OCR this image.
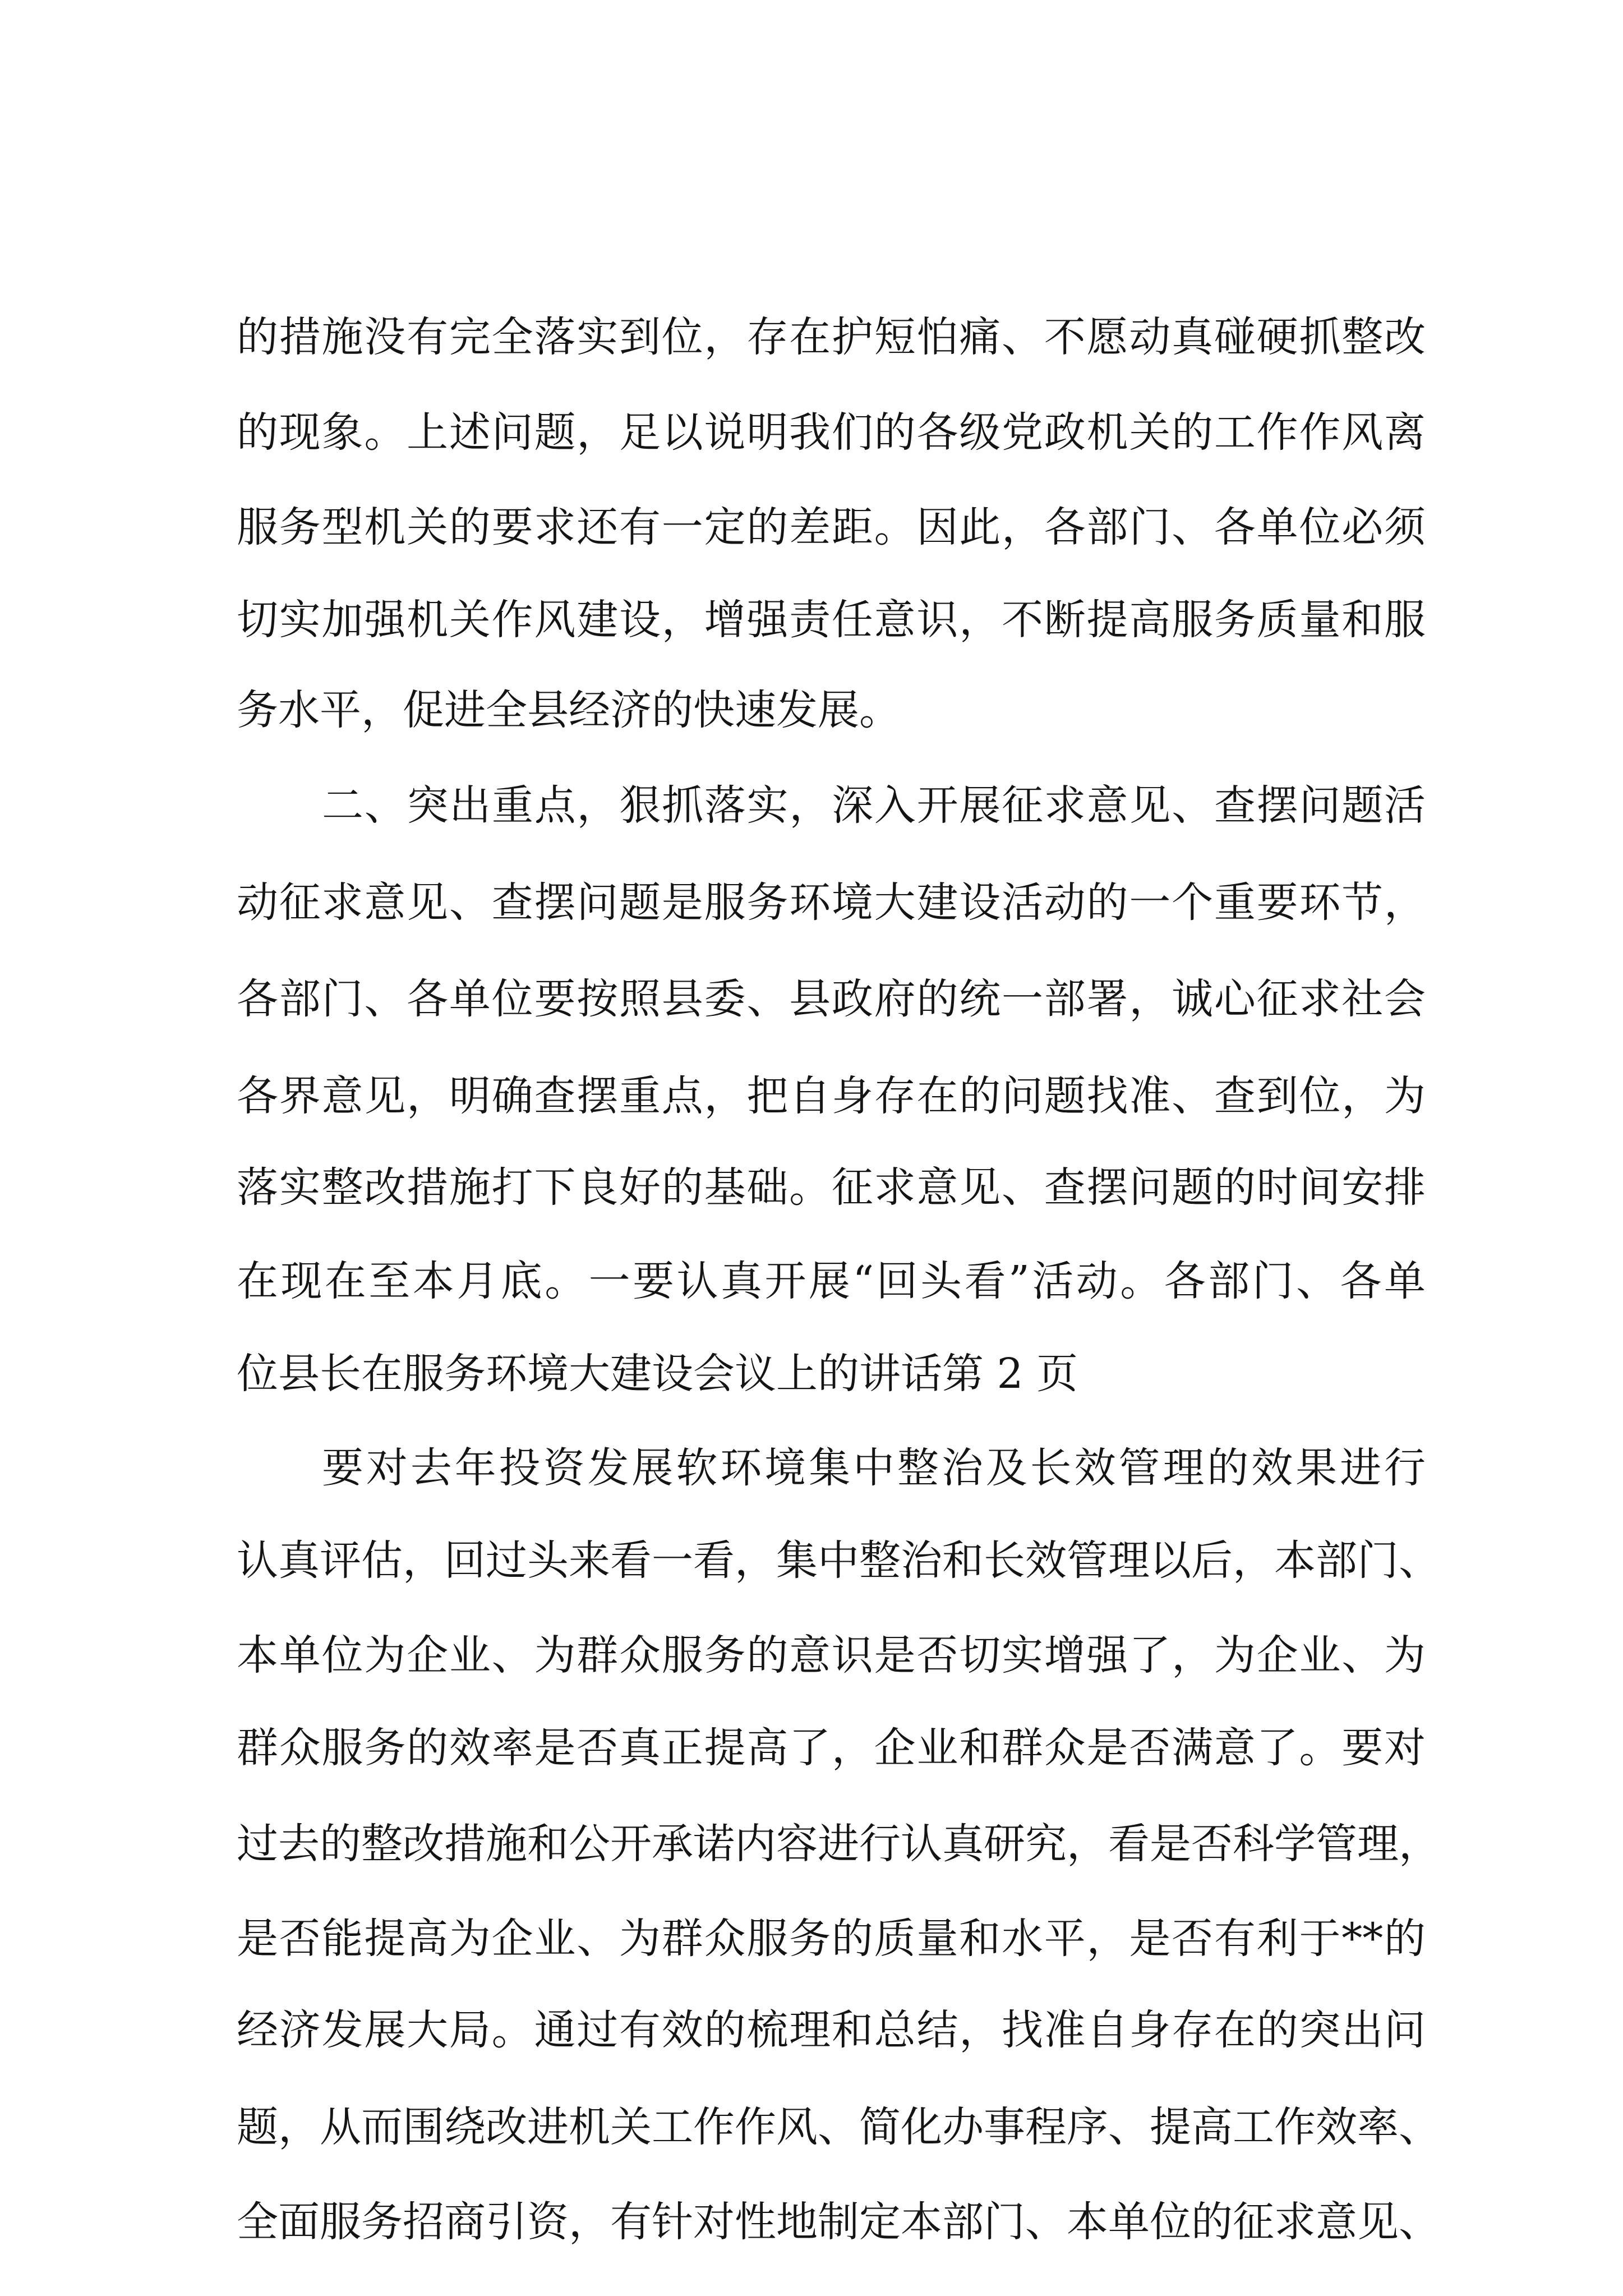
的措施没有完全落实到位，存在护短怕痛、不愿动真碰硬抓整改
的现象。上述问题，足以说明我们的各级党政机关的工作作风离
服务型机关的要求还有一定的差距。因此，各部门、各单位必须
切实加强机关作风建设，增强责任意识，不断提高服务质量和服
务水平，促进全县经济的快速发展。
二、突出重点，狠抓落实，深入开展征求意见、查摆问题活
动征求意见、查摆问题是服务环境大建设活动的一个重要环节，
各部门、各单位要按照县委、县政府的统一部署，诚心征求社会
各界意见，明确查摆重点，把自身存在的问题找准、查到位，为
落实整改措施打下良好的基础。征求意见、查摆问题的时间安排
在现在至本月底。一要认真开展“回头看”活动。各部门、各单
位县长在服务环境大建设会议上的讲话第 2 页
要对去年投资发展软环境集中整治及长效管理的效果进行
认真评估，回过头来看一看，集中整治和长效管理以后，本部门、
本单位为企业、为群众服务的意识是否切实增强了，为企业、为
群众服务的效率是否真正提高了，企业和群众是否满意了。要对
过去的整改措施和公开承诺内容进行认真研究，看是否科学管理，
是否能提高为企业、为群众服务的质量和水平，是否有利于**的
经济发展大局。通过有效的梳理和总结，找准自身存在的突出问
题，从而围绕改进机关工作作风、简化办事程序、提高工作效率、
全面服务招商引资，有针对性地制定本部门、本单位的征求意见、
